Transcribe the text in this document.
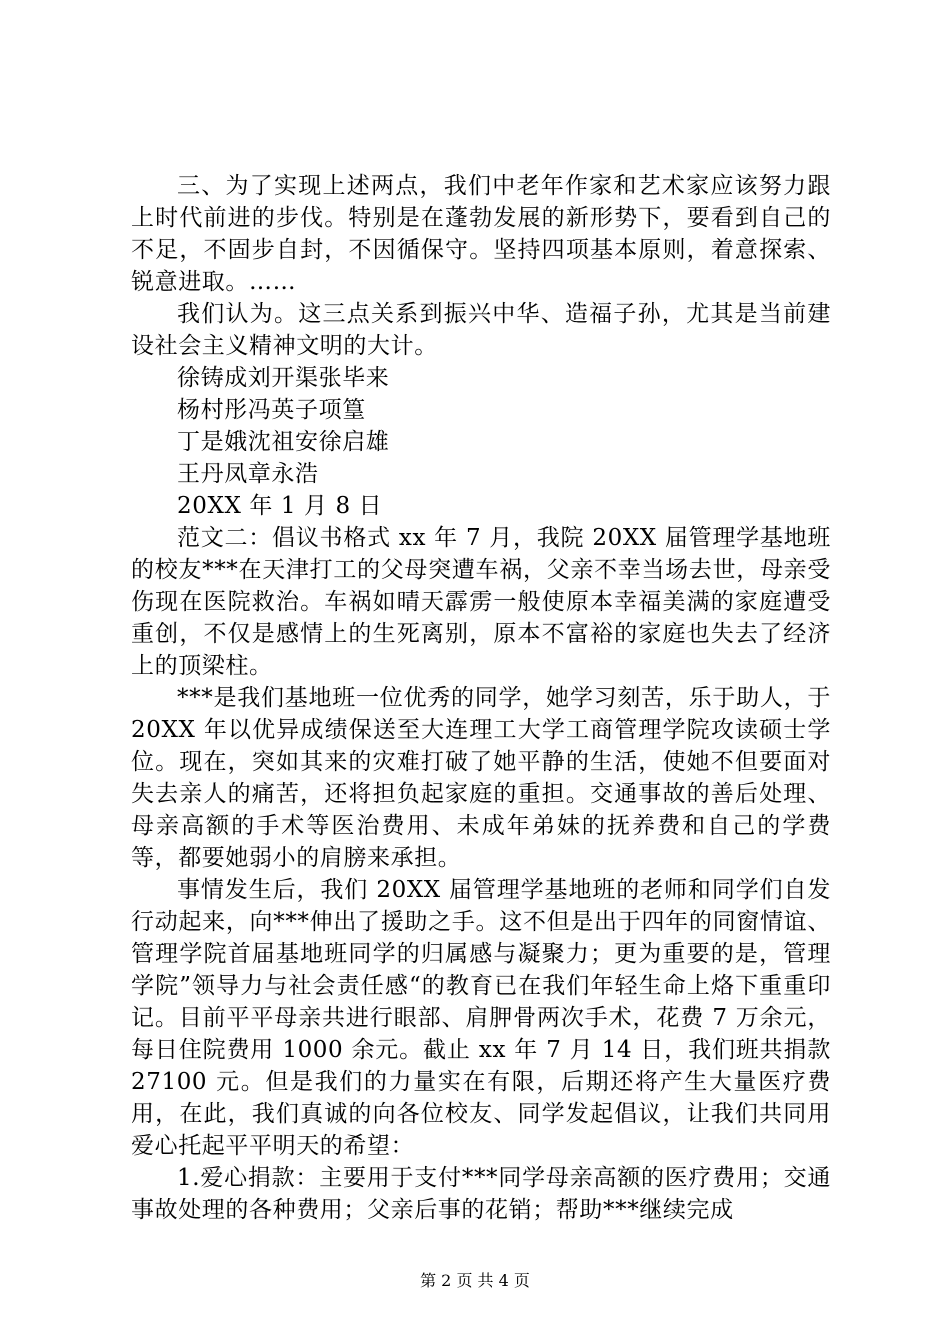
三、为了实现上述两点，我们中老年作家和艺术家应该努力跟上时代前进的步伐。特别是在蓬勃发展的新形势下，要看到自己的不足，不固步自封，不因循保守。坚持四项基本原则，着意探索、锐意进取。……

我们认为。这三点关系到振兴中华、造福子孙，尤其是当前建设社会主义精神文明的大计。

徐铸成刘开渠张毕来

杨村彤冯英子项篁

丁是娥沈祖安徐启雄

王丹凤章永浩

20XX 年 1 月 8 日

范文二：倡议书格式 xx 年 7 月，我院 20XX 届管理学基地班的校友***在天津打工的父母突遭车祸，父亲不幸当场去世，母亲受伤现在医院救治。车祸如晴天霹雳一般使原本幸福美满的家庭遭受重创，不仅是感情上的生死离别，原本不富裕的家庭也失去了经济上的顶梁柱。

***是我们基地班一位优秀的同学，她学习刻苦，乐于助人，于 20XX 年以优异成绩保送至大连理工大学工商管理学院攻读硕士学位。现在，突如其来的灾难打破了她平静的生活，使她不但要面对失去亲人的痛苦，还将担负起家庭的重担。交通事故的善后处理、母亲高额的手术等医治费用、未成年弟妹的抚养费和自己的学费等，都要她弱小的肩膀来承担。

事情发生后，我们 20XX 届管理学基地班的老师和同学们自发行动起来，向***伸出了援助之手。这不但是出于四年的同窗情谊、管理学院首届基地班同学的归属感与凝聚力；更为重要的是，管理学院”领导力与社会责任感“的教育已在我们年轻生命上烙下重重印记。目前平平母亲共进行眼部、肩胛骨两次手术，花费 7 万余元，每日住院费用 1000 余元。截止 xx 年 7 月 14 日，我们班共捐款 27100 元。但是我们的力量实在有限，后期还将产生大量医疗费用，在此，我们真诚的向各位校友、同学发起倡议，让我们共同用爱心托起平平明天的希望：

1.爱心捐款：主要用于支付***同学母亲高额的医疗费用；交通事故处理的各种费用；父亲后事的花销；帮助***继续完成

第 2 页 共 4 页
